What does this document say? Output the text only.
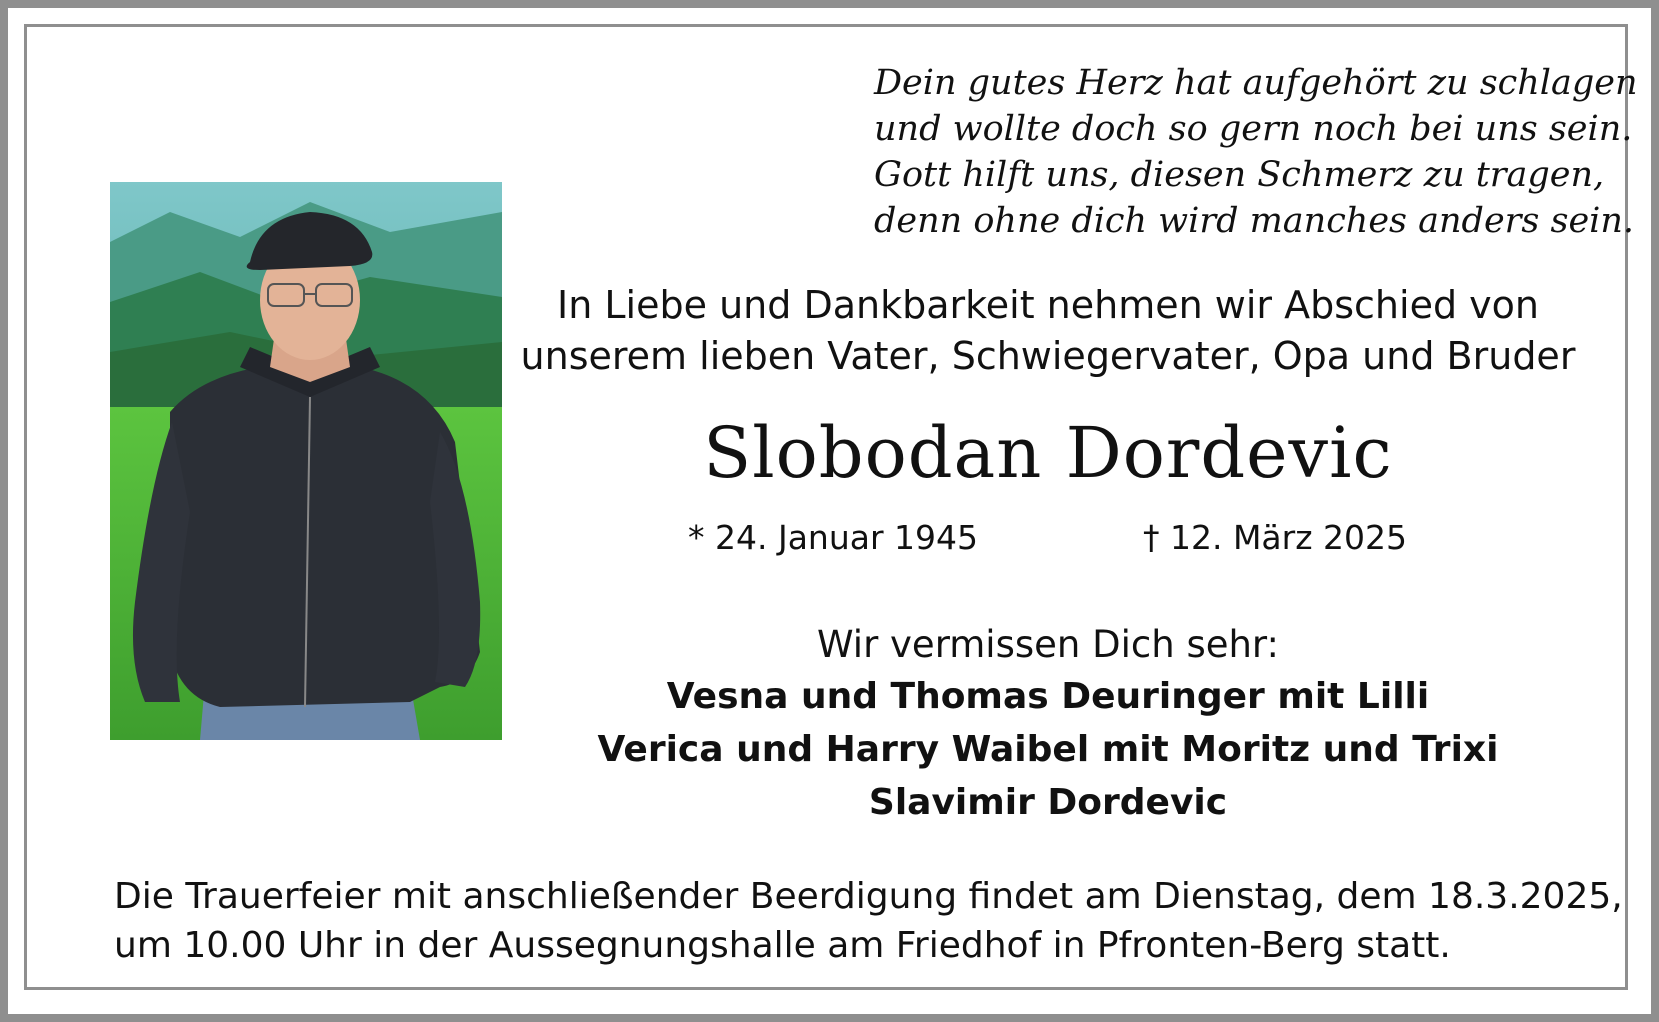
Dein gutes Herz hat aufgehört zu schlagen
und wollte doch so gern noch bei uns sein.
Gott hilft uns, diesen Schmerz zu tragen,
denn ohne dich wird manches anders sein.

In Liebe und Dankbarkeit nehmen wir Abschied von
unserem lieben Vater, Schwiegervater, Opa und Bruder
Slobodan Dordevic
* 24. Januar 1945	† 12. März 2025
Wir vermissen Dich sehr:
Vesna und Thomas Deuringer mit Lilli
Verica und Harry Waibel mit Moritz und Trixi
Slavimir Dordevic
Die Trauerfeier mit anschließender Beerdigung findet am Dienstag, dem 18.3.2025,
um 10.00 Uhr in der Aussegnungshalle am Friedhof in Pfronten-Berg statt.
